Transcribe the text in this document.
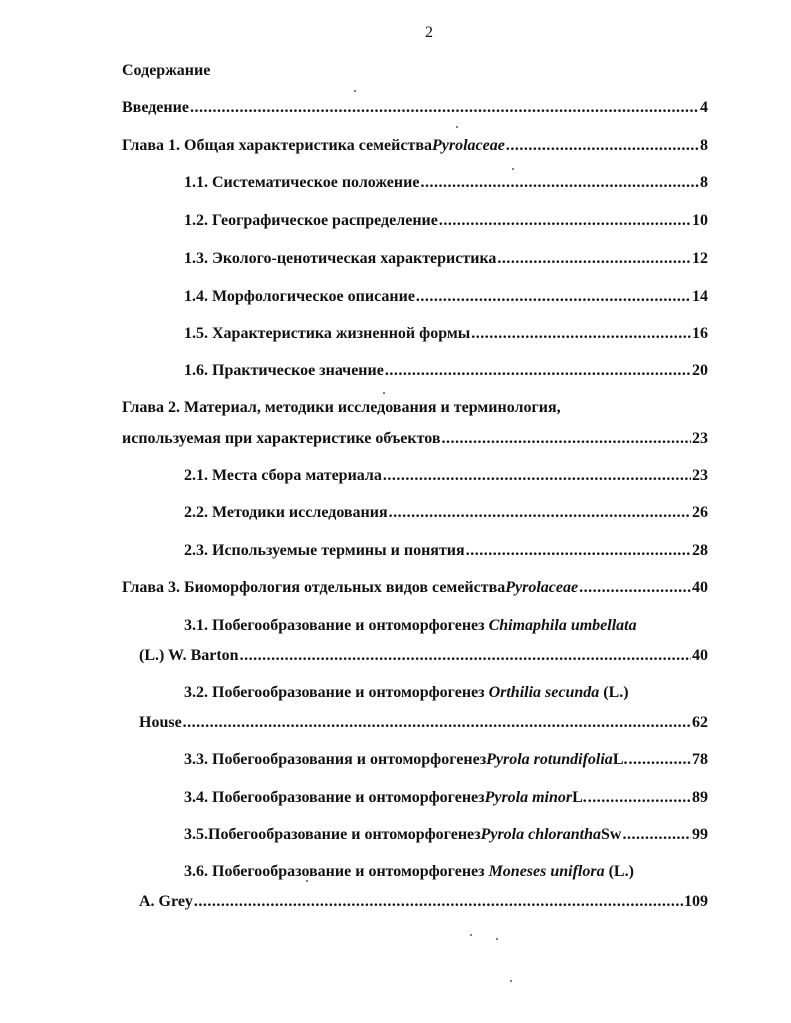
2
Содержание
Введение .....	4
Глава 1. Общая характеристика семейства Pyrolaceae .....	8
1.1. Систематическое положение .....	8
1.2. Географическое распределение .....	10
1.3. Эколого-ценотическая характеристика .....	12
1.4. Морфологическое описание .....	14
1.5. Характеристика жизненной формы .....	16
1.6. Практическое значение .....	20
Глава 2. Материал, методики исследования и терминология,
используемая при характеристике объектов .....	23
2.1. Места сбора материала .....	23
2.2. Методики исследования .....	26
2.3. Используемые термины и понятия .....	28
Глава 3. Биоморфология отдельных видов семейства Pyrolaceae .....	40
3.1. Побегообразование и онтоморфогенез Chimaphila umbellata
(L.) W. Barton .....	40
3.2. Побегообразование и онтоморфогенез Orthilia secunda (L.)
House .....	62
3.3. Побегообразования и онтоморфогенез Pyrola rotundifolia L. .....	78
3.4. Побегообразование и онтоморфогенез Pyrola minor L. .....	89
3.5.Побегообразование и онтоморфогенез Pyrola chlorantha Sw .....	99
3.6. Побегообразование и онтоморфогенез Moneses uniflora (L.)
A. Grey .....	109
